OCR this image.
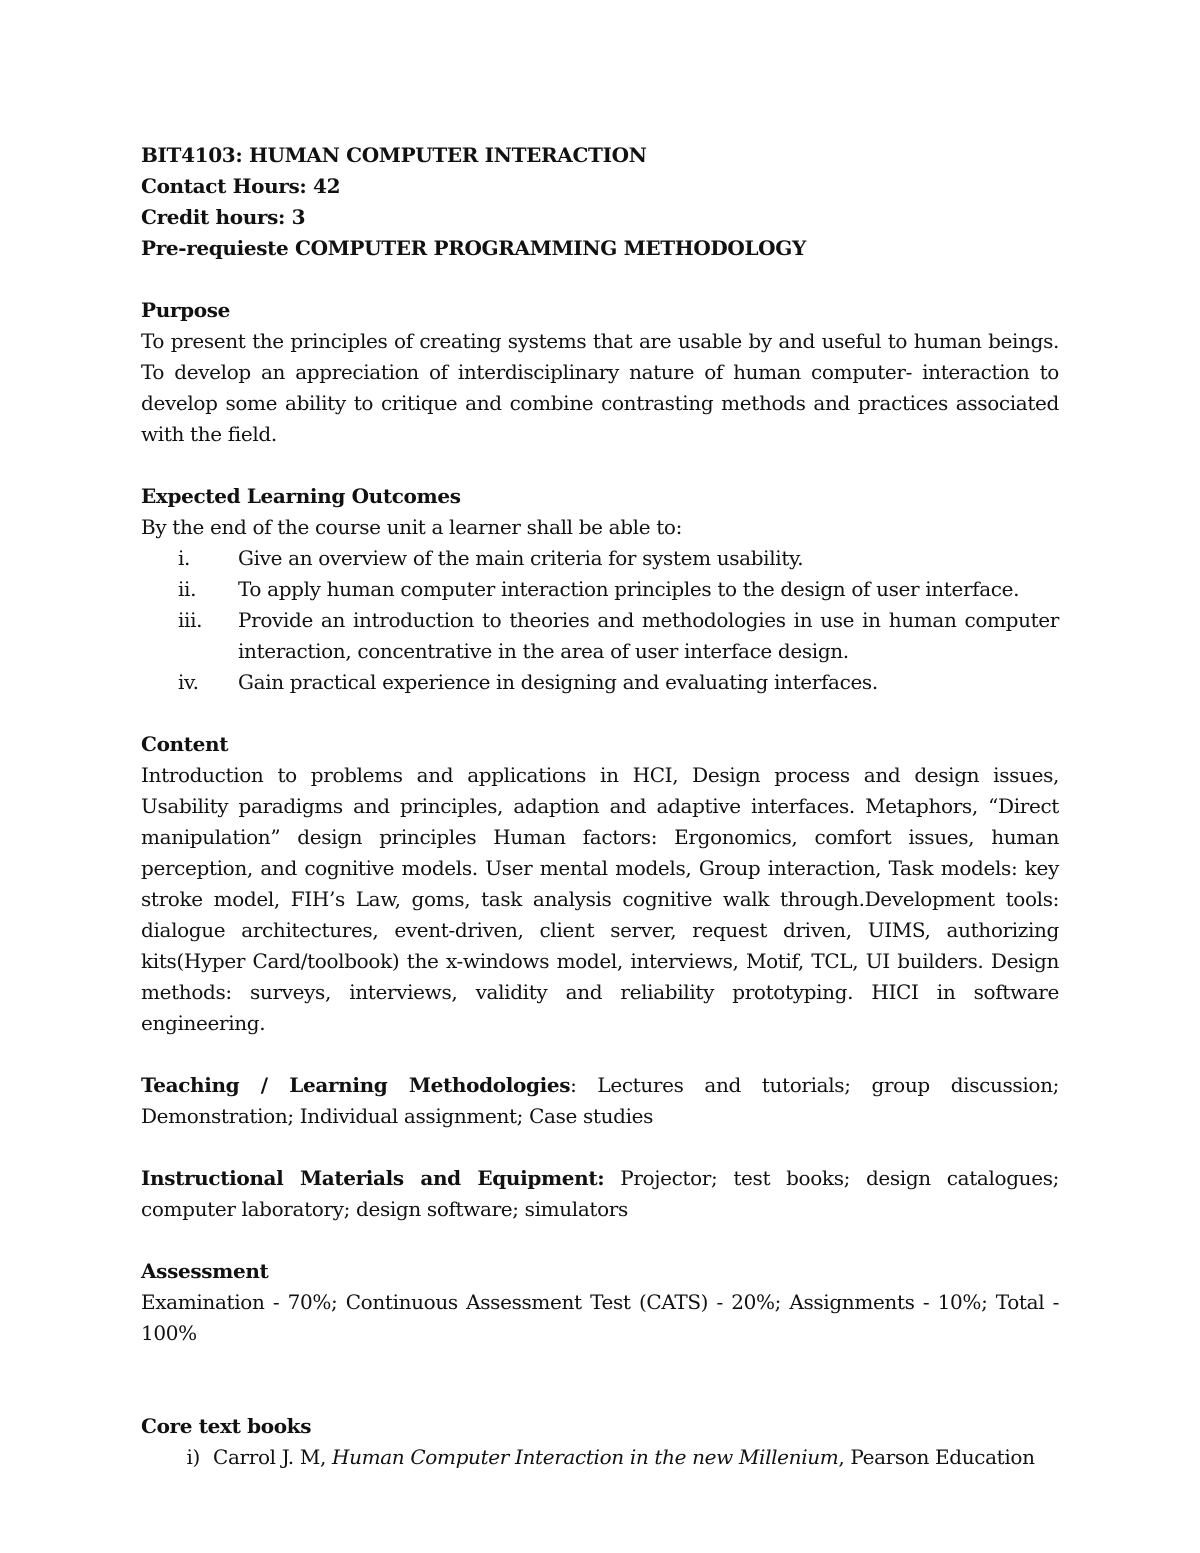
BIT4103: HUMAN COMPUTER INTERACTION

Contact Hours: 42

Credit hours: 3

Pre-requieste COMPUTER PROGRAMMING METHODOLOGY

Purpose

To present the principles of creating systems that are usable by and useful to human beings. To develop an appreciation of interdisciplinary nature of human computer- interaction to develop some ability to critique and combine contrasting methods and practices associated with the field.

Expected Learning Outcomes

By the end of the course unit a learner shall be able to:

i.	Give an overview of the main criteria for system usability.
ii.	To apply human computer interaction principles to the design of user interface.
iii.	Provide an introduction to theories and methodologies in use in human computer interaction, concentrative in the area of user interface design.
iv.	Gain practical experience in designing and evaluating interfaces.

Content

Introduction to problems and applications in HCI, Design process and design issues, Usability paradigms and principles, adaption and adaptive interfaces. Metaphors, “Direct manipulation” design principles Human factors: Ergonomics, comfort issues, human perception, and cognitive models. User mental models, Group interaction, Task models: key stroke model, FIH’s Law, goms, task analysis cognitive walk through.Development tools: dialogue architectures, event-driven, client server, request driven, UIMS, authorizing kits(Hyper Card/toolbook) the x-windows model, interviews, Motif, TCL, UI builders. Design methods: surveys, interviews, validity and reliability prototyping. HICI in software engineering.

Teaching / Learning Methodologies: Lectures and tutorials; group discussion; Demonstration; Individual assignment; Case studies

Instructional Materials and Equipment: Projector; test books; design catalogues; computer laboratory; design software; simulators

Assessment

Examination - 70%; Continuous Assessment Test (CATS) - 20%; Assignments - 10%; Total - 100%

Core text books

i) Carrol J. M, Human Computer Interaction in the new Millenium, Pearson Education
